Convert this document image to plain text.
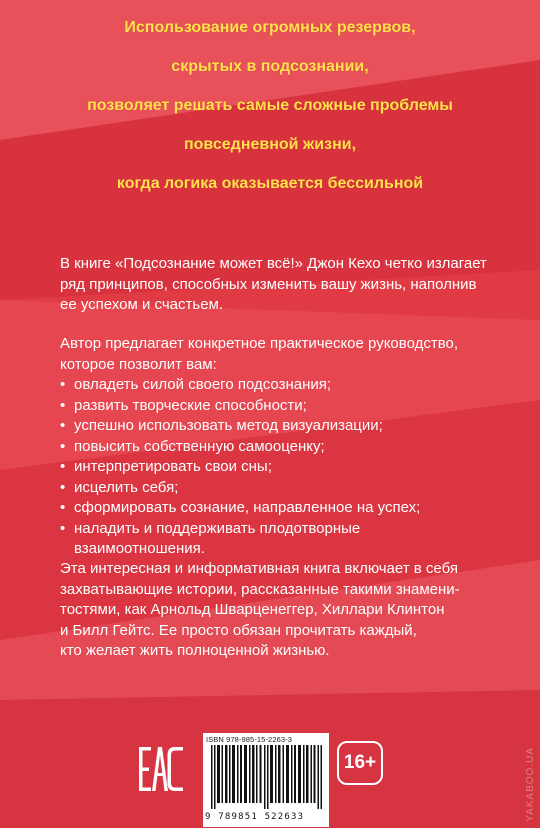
Использование огромных резервов,
скрытых в подсознании,
позволяет решать самые сложные проблемы
повседневной жизни,
когда логика оказывается бессильной

В книге «Подсознание может всё!» Джон Кехо четко излагает

ряд принципов, способных изменить вашу жизнь, наполнив

ее успехом и счастьем.

Автор предлагает конкретное практическое руководство,

которое позволит вам:

• овладеть силой своего подсознания;
• развить творческие способности;
• успешно использовать метод визуализации;
• повысить собственную самооценку;
• интерпретировать свои сны;
• исцелить себя;
• сформировать сознание, направленное на успех;
• наладить и поддерживать плодотворные
взаимоотношения.

Эта интересная и информативная книга включает в себя

захватывающие истории, рассказанные такими знамени-

тостями, как Арнольд Шварценеггер, Хиллари Клинтон

и Билл Гейтс. Ее просто обязан прочитать каждый,

кто желает жить полноценной жизнью.

ISBN 978-985-15-2263-3
9 789851 522633
16+	YAKABOO.UA
